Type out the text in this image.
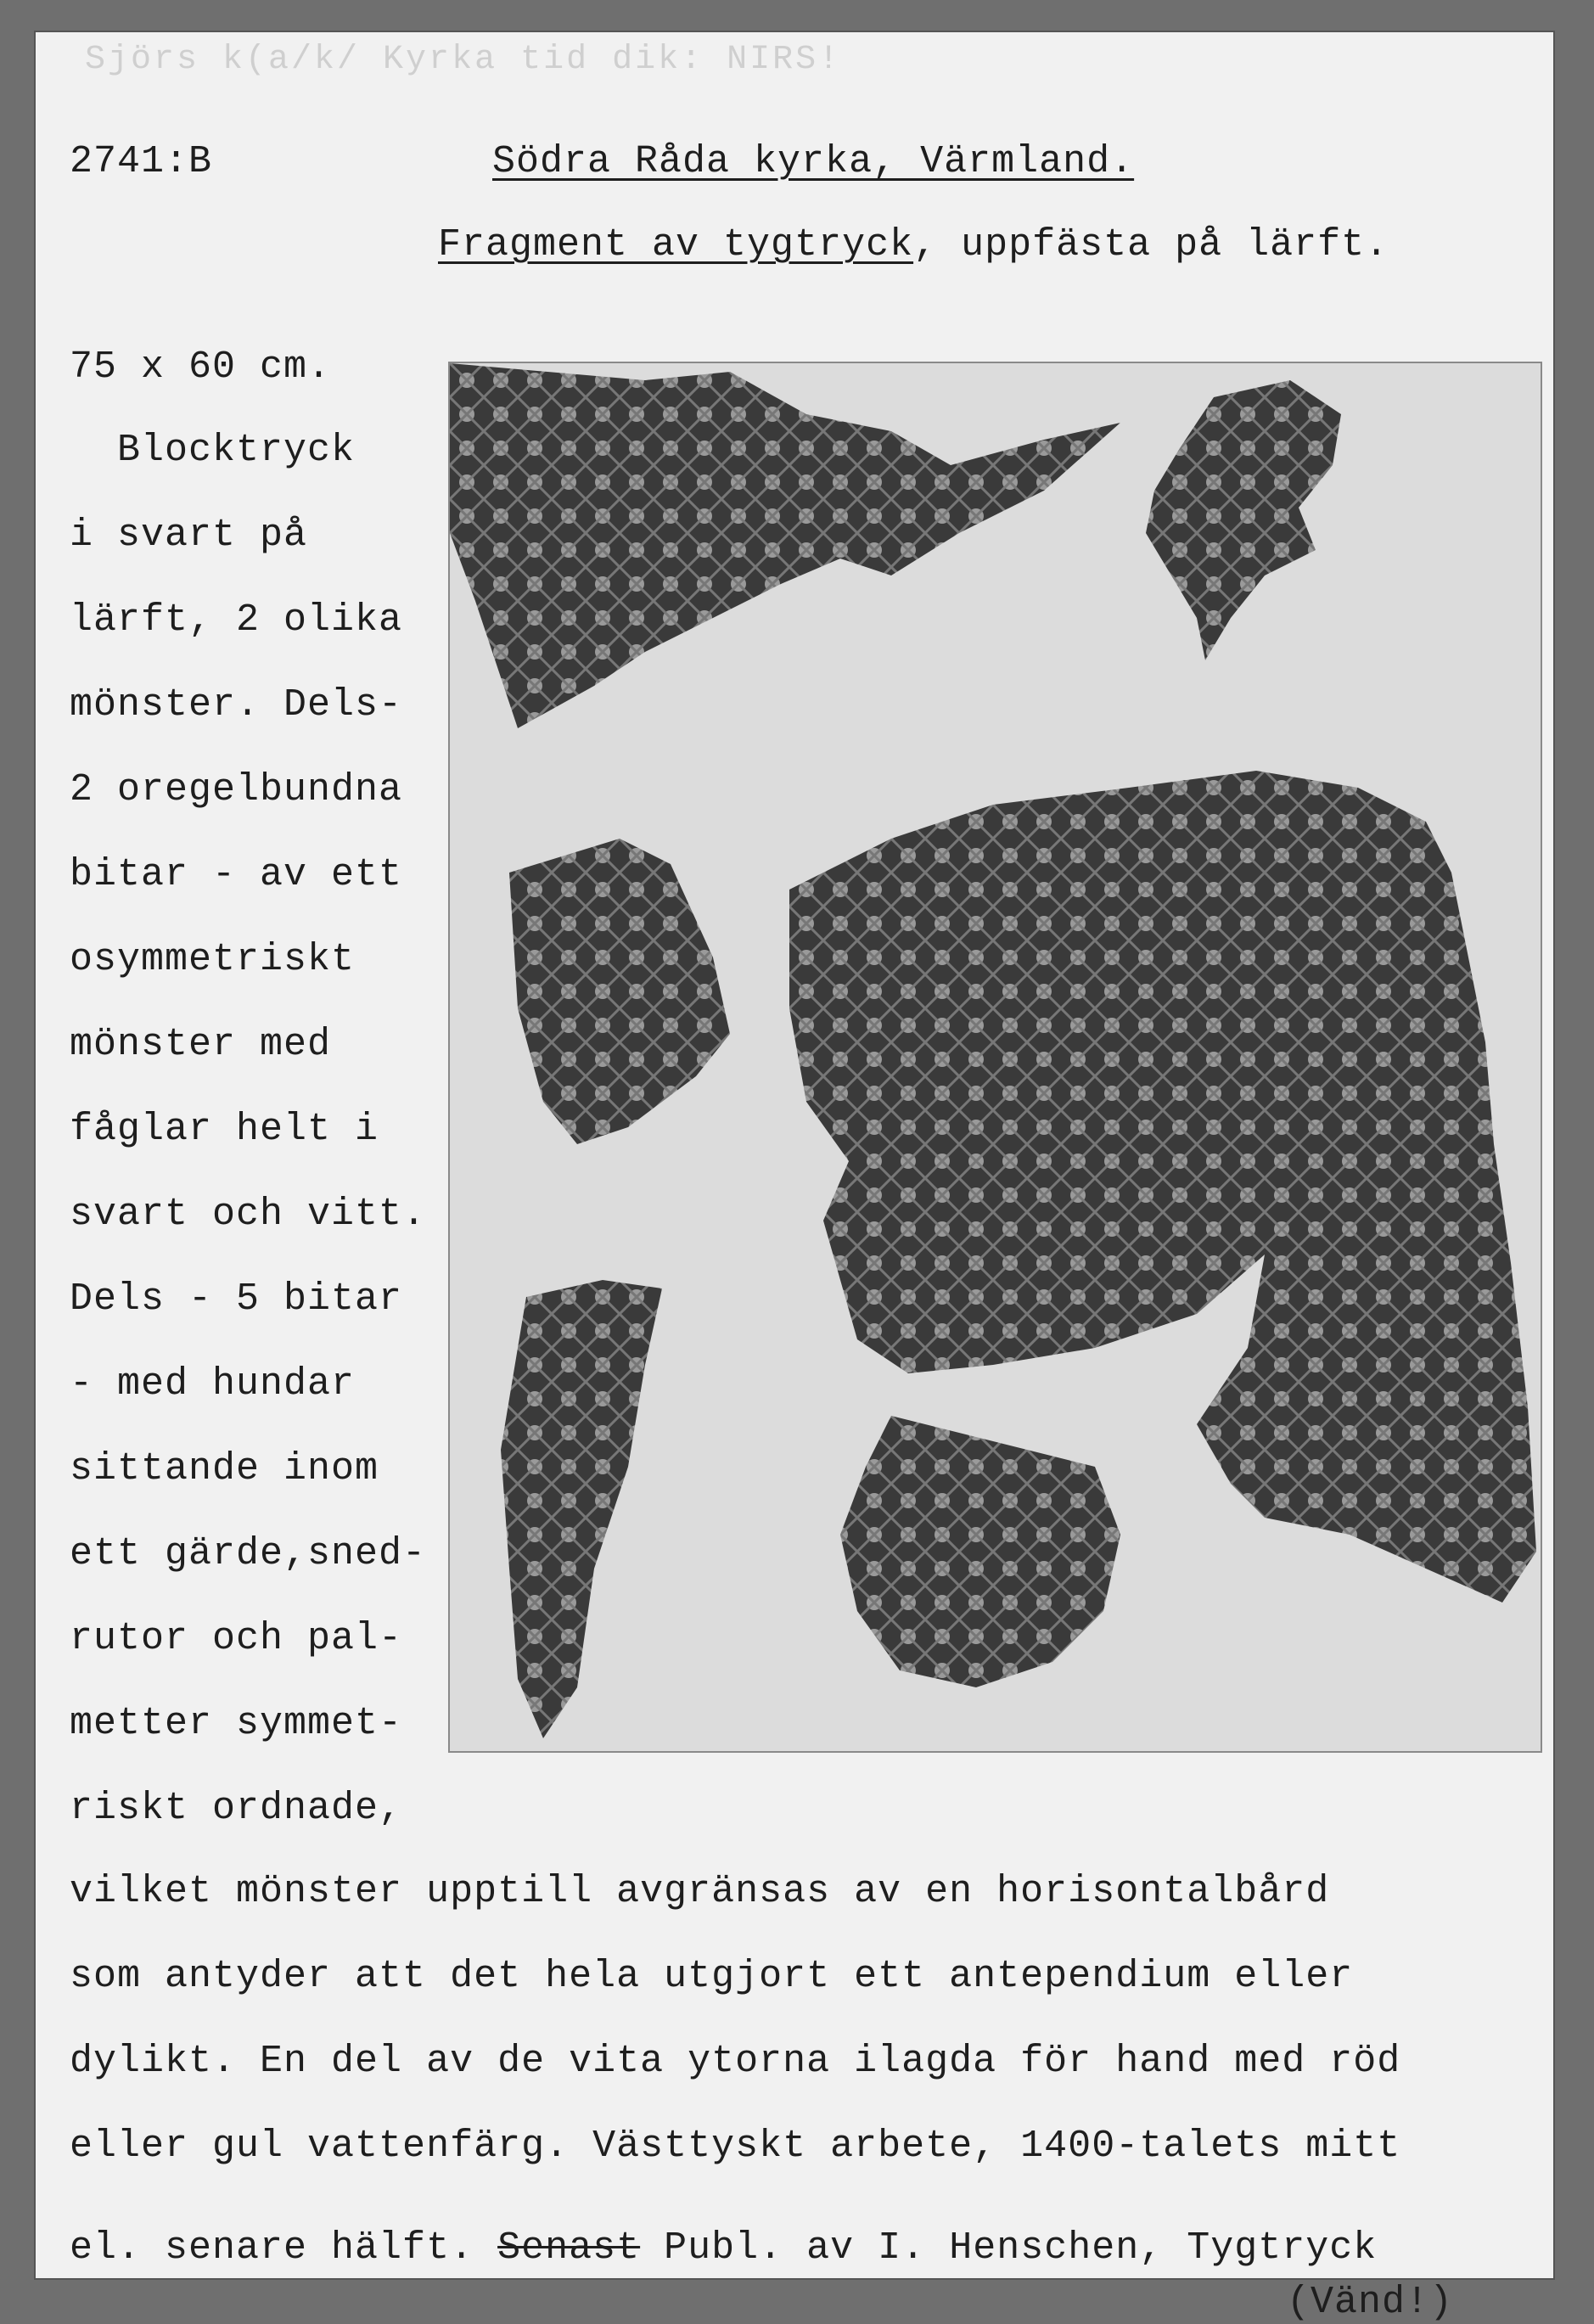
Sjörs k(a/k/ Kyrka tid dik: NIRS!
2741:B	Södra Råda kyrka, Värmland.
Fragment av tygtryck, uppfästa på lärft.
75 x 60 cm.
Blocktryck
i svart på
lärft, 2 olika
mönster. Dels-
2 oregelbundna
bitar - av ett
osymmetriskt
mönster med
fåglar helt i
svart och vitt.
Dels - 5 bitar
- med hundar
sittande inom
ett gärde,sned-
rutor och pal-
metter symmet-
riskt ordnade,
vilket mönster upptill avgränsas av en horisontalbård
som antyder att det hela utgjort ett antependium eller
dylikt. En del av de vita ytorna ilagda för hand med röd
eller gul vattenfärg. Västtyskt arbete, 1400-talets mitt
el. senare hälft. Senast Publ. av I. Henschen, Tygtryck
(Vänd!)
